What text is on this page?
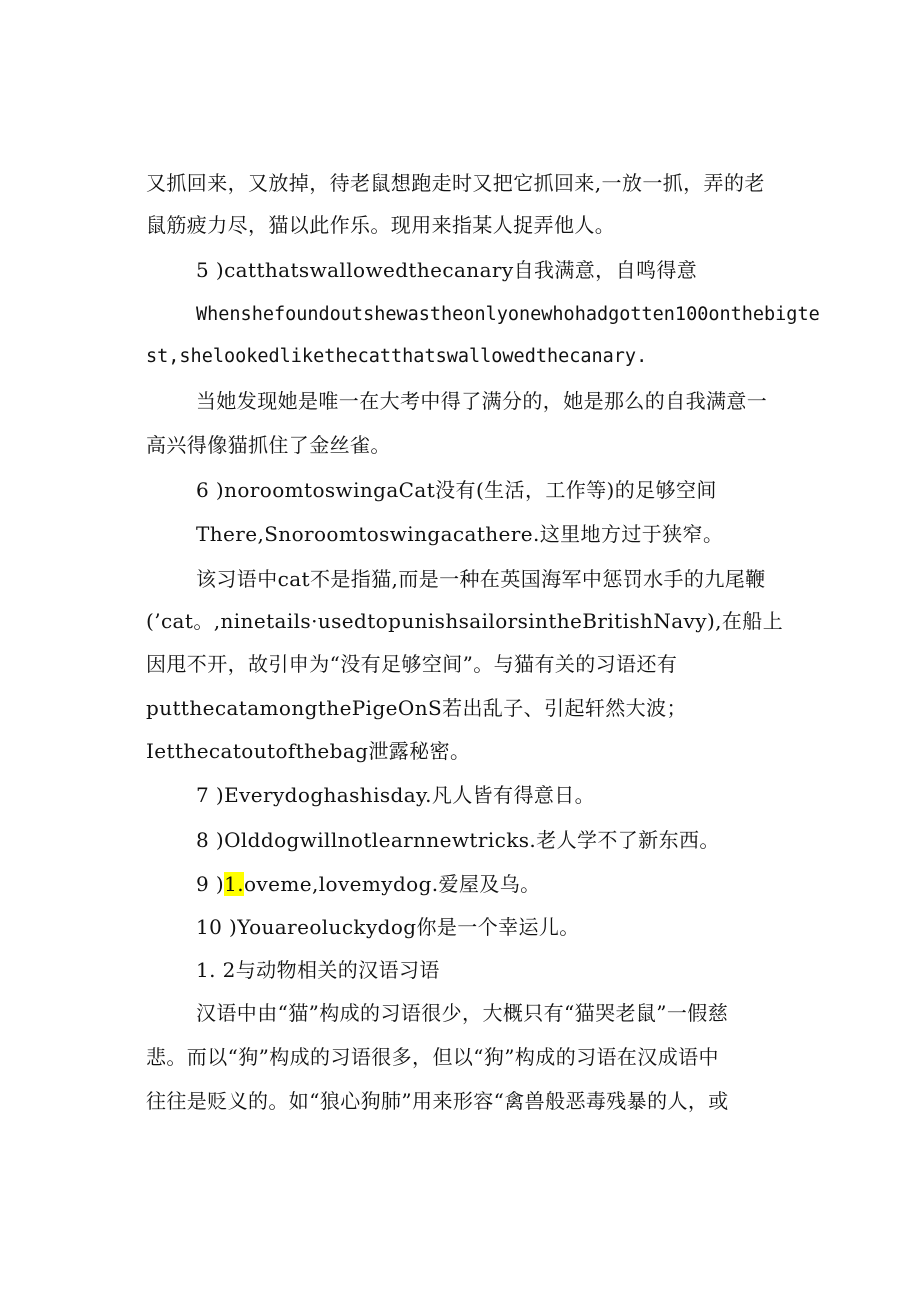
又抓回来，又放掉，待老鼠想跑走时又把它抓回来,一放一抓，弄的老
鼠筋疲力尽，猫以此作乐。现用来指某人捉弄他人。
5 )catthatswallowedthecanary自我满意，自鸣得意
Whenshefoundoutshewastheonlyonewhohadgotten100onthebigte
st,shelookedlikethecatthatswallowedthecanary.
当她发现她是唯一在大考中得了满分的，她是那么的自我满意一
高兴得像猫抓住了金丝雀。
6 )noroomtoswingaCat没有(生活，工作等)的足够空间
There,Snoroomtoswingacathere.这里地方过于狭窄。
该习语中cat不是指猫,而是一种在英国海军中惩罚水手的九尾鞭
(’cat。,ninetails·usedtopunishsailorsintheBritishNavy),在船上
因甩不开，故引申为“没有足够空间”。与猫有关的习语还有
putthecatamongthePigeOnS若出乱子、引起轩然大波；
Ietthecatoutofthebag泄露秘密。
7 )Everydoghashisday.凡人皆有得意日。
8 )Olddogwillnotlearnnewtricks.老人学不了新东西。
9 )1.oveme,lovemydog.爱屋及乌。
10 )Youareoluckydog你是一个幸运儿。
1. 2与动物相关的汉语习语
汉语中由“猫”构成的习语很少，大概只有“猫哭老鼠”一假慈
悲。而以“狗”构成的习语很多，但以“狗”构成的习语在汉成语中
往往是贬义的。如“狼心狗肺”用来形容“禽兽般恶毒残暴的人，或
